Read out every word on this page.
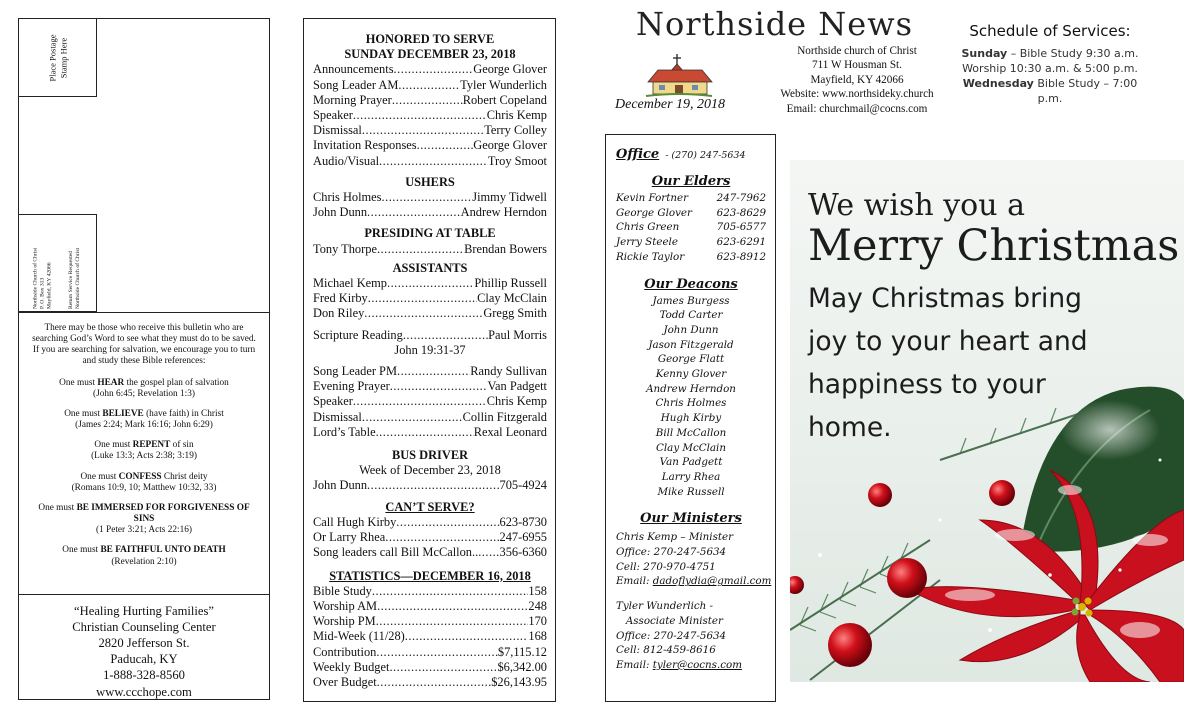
Place Postage Stamp Here
Northside Church of Christ P. O. Box 313 Mayfield, KY 42066	Return Service Requested Northside Church of Christ
There may be those who receive this bulletin who are searching God’s Word to see what they must do to be saved. If you are searching for salvation, we encourage you to turn and study these Bible references:
One must HEAR the gospel plan of salvation
(John 6:45; Revelation 1:3)
One must BELIEVE (have faith) in Christ
(James 2:24; Mark 16:16; John 6:29)
One must REPENT of sin
(Luke 13:3; Acts 2:38; 3:19)
One must CONFESS Christ deity
(Romans 10:9, 10; Matthew 10:32, 33)
One must BE IMMERSED FOR FORGIVENESS OF SINS
(1 Peter 3:21; Acts 22:16)
One must BE FAITHFUL UNTO DEATH
(Revelation 2:10)
“Healing Hurting Families”
Christian Counseling Center
2820 Jefferson St.
Paducah, KY
1-888-328-8560
www.ccchope.com
HONORED TO SERVE
SUNDAY DECEMBER 23, 2018
Announcements .....	George Glover
Song Leader AM .....	Tyler Wunderlich
Morning Prayer .....	Robert Copeland
Speaker .....	Chris Kemp
Dismissal .....	Terry Colley
Invitation Responses .....	George Glover
Audio/Visual .....	Troy Smoot
USHERS
Chris Holmes .....	Jimmy Tidwell
John Dunn .....	Andrew Herndon
PRESIDING AT TABLE
Tony Thorpe .....	Brendan Bowers
ASSISTANTS
Michael Kemp .....	Phillip Russell
Fred Kirby .....	Clay McClain
Don Riley .....	Gregg Smith
Scripture Reading .....	Paul Morris
John 19:31-37
Song Leader PM .....	Randy Sullivan
Evening Prayer .....	Van Padgett
Speaker .....	Chris Kemp
Dismissal .....	Collin Fitzgerald
Lord’s Table .....	Rexal Leonard
BUS DRIVER
Week of December 23, 2018
John Dunn .....	705-4924
CAN’T SERVE?
Call Hugh Kirby .....	623-8730
Or Larry Rhea .....	247-6955
Song leaders call Bill McCallon.. ..... 356-6360
STATISTICS—DECEMBER 16, 2018
Bible Study .....	158
Worship AM .....	248
Worship PM .....	170
Mid-Week (11/28) .....	168
Contribution .....	$7,115.12
Weekly Budget .....	$6,342.00
Over Budget .....	$26,143.95
Northside News
December 19, 2018
Northside church of Christ
711 W Housman St.
Mayfield, KY 42066
Website: www.northsideky.church
Email: churchmail@cocns.com
Schedule of Services:
Sunday – Bible Study 9:30 a.m.
Worship 10:30 a.m. & 5:00 p.m.
Wednesday Bible Study – 7:00 p.m.
Office - (270) 247-5634
Our Elders
Kevin Fortner	247-7962
George Glover	623-8629
Chris Green	705-6577
Jerry Steele	623-6291
Rickie Taylor	623-8912
Our Deacons
James Burgess
Todd Carter
John Dunn
Jason Fitzgerald
George Flatt
Kenny Glover
Andrew Herndon
Chris Holmes
Hugh Kirby
Bill McCallon
Clay McClain
Van Padgett
Larry Rhea
Mike Russell
Our Ministers
Chris Kemp – Minister
Office: 270-247-5634
Cell: 270-970-4751
Email: dadoflydia@gmail.com
Tyler Wunderlich -
Associate Minister
Office: 270-247-5634
Cell: 812-459-8616
Email: tyler@cocns.com
We wish you a
Merry Christmas
May Christmas bring
joy to your heart and
happiness to your
home.
